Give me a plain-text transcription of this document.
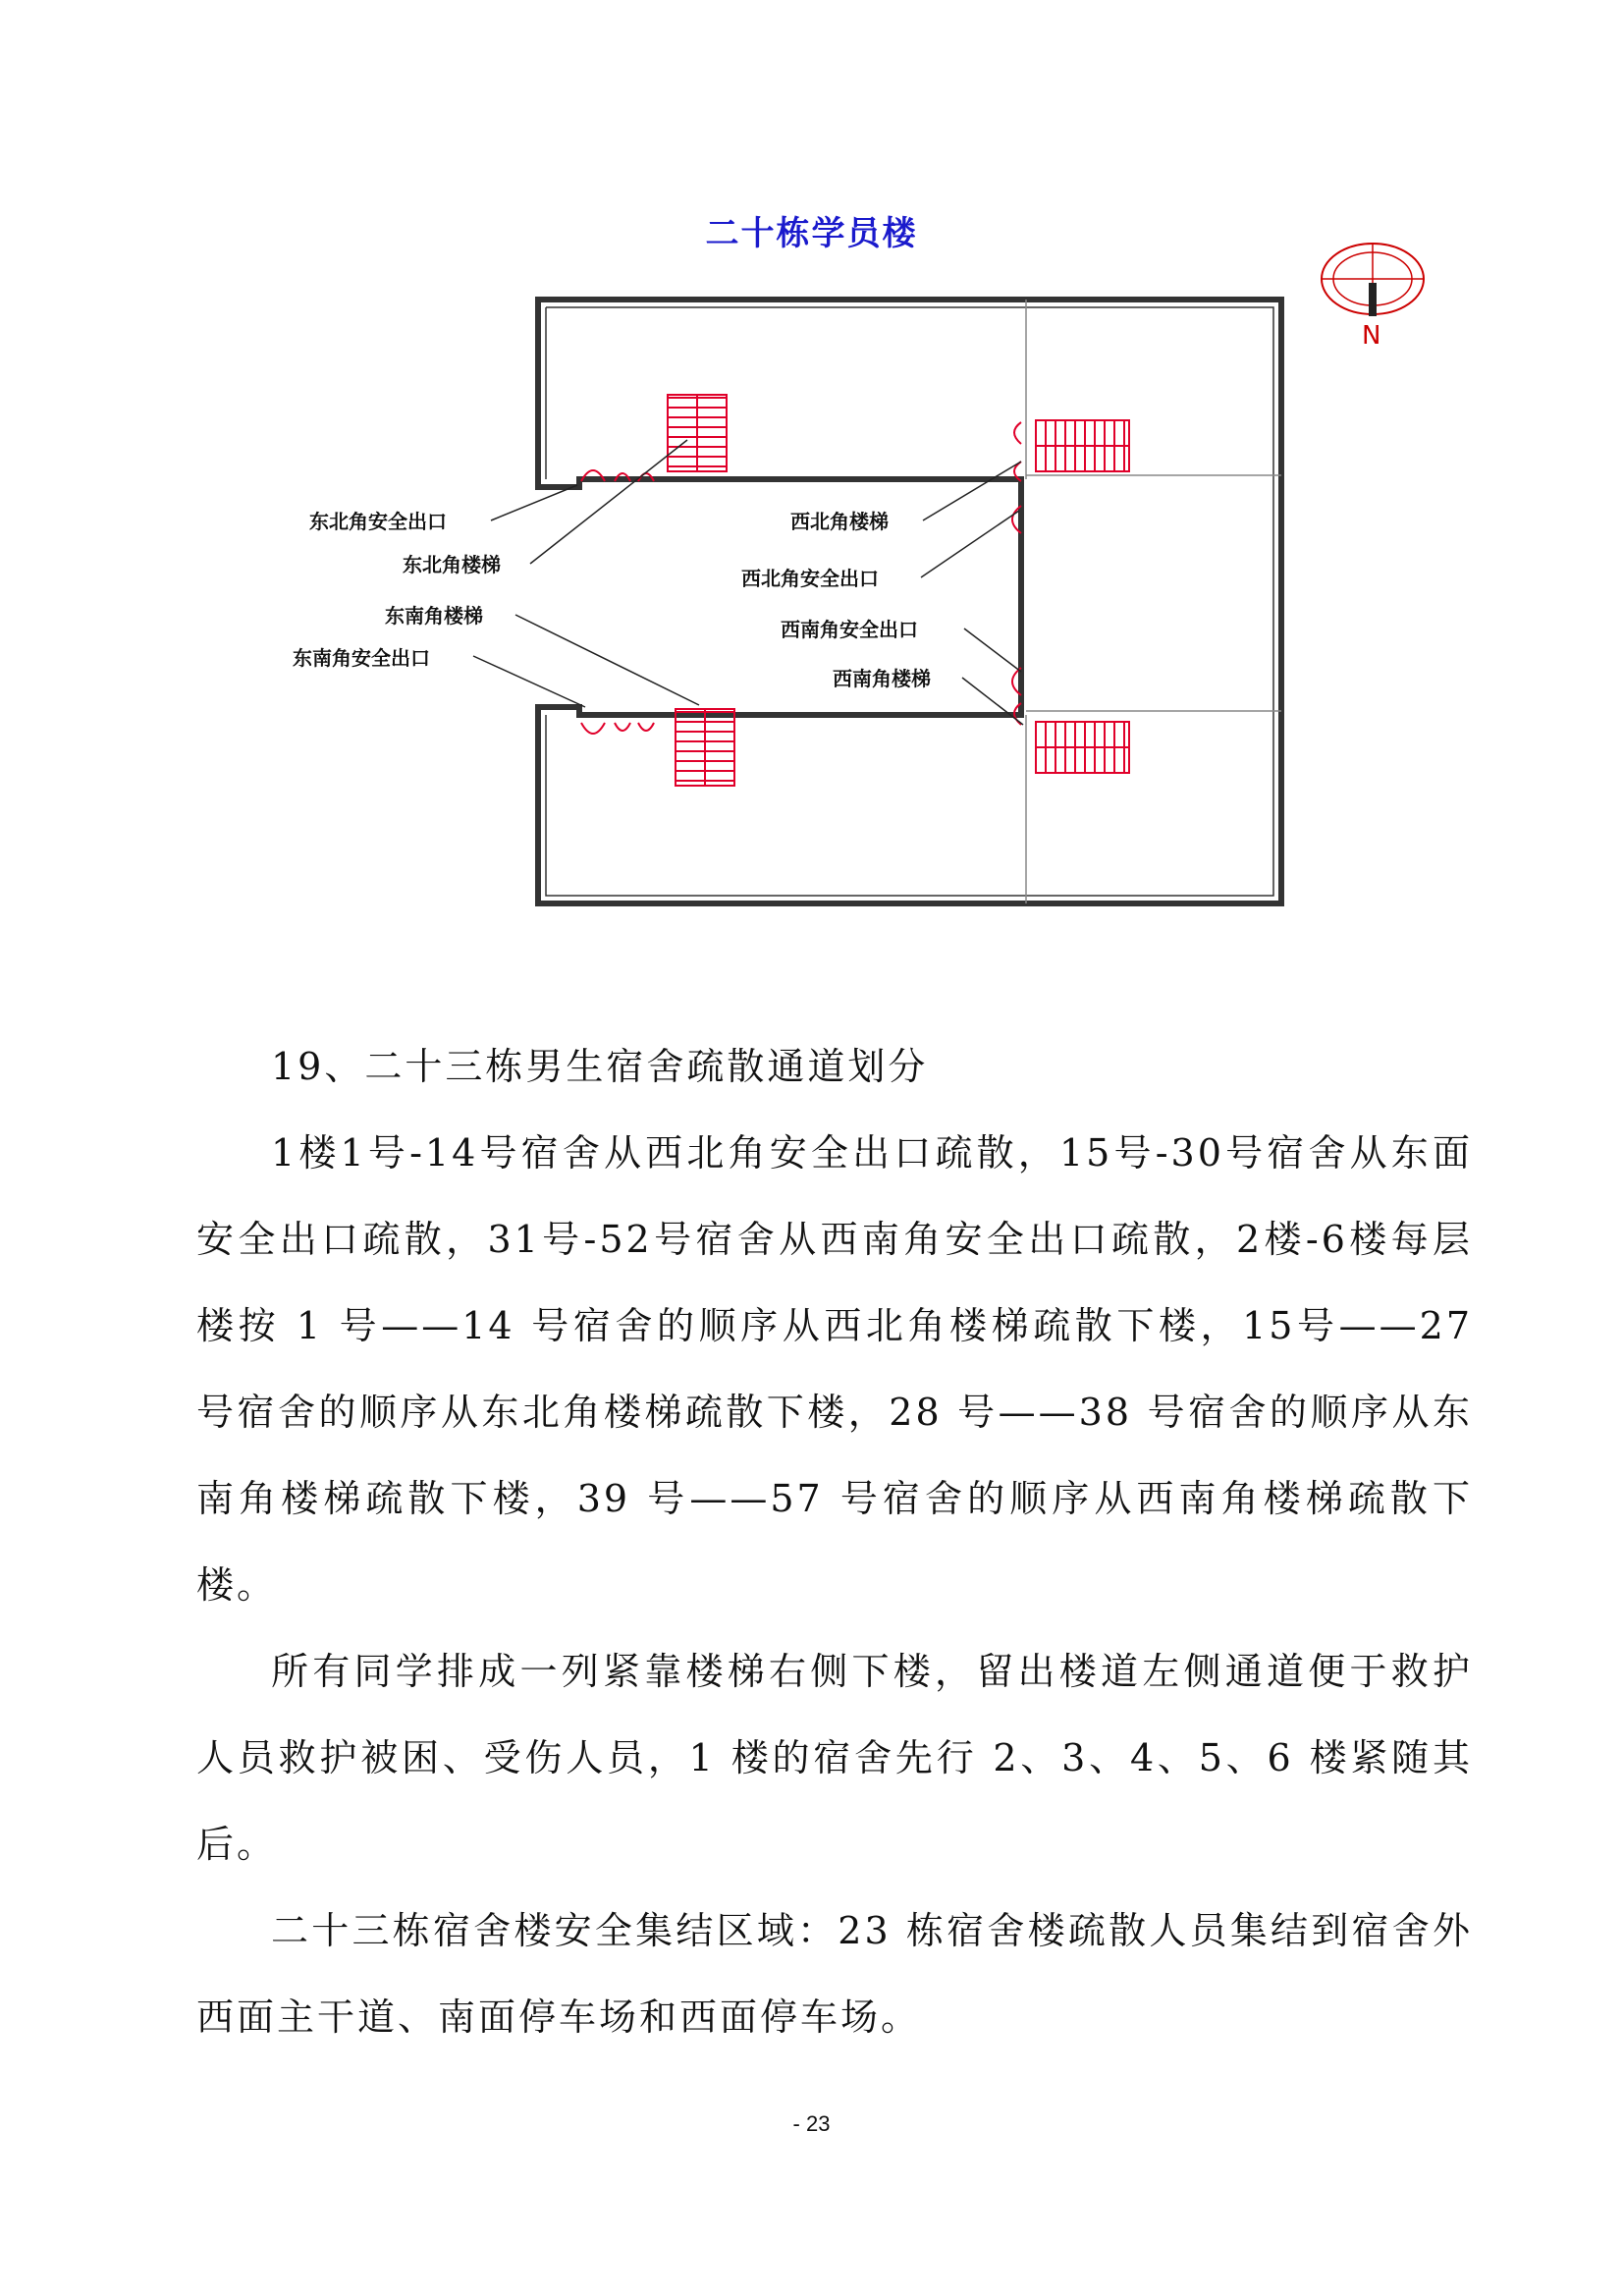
二十栋学员楼
东北角安全出口
东北角楼梯
东南角楼梯
东南角安全出口
西北角楼梯
西北角安全出口
西南角安全出口
西南角楼梯
N

19、二十三栋男生宿舍疏散通道划分

1楼1号-14号宿舍从西北角安全出口疏散，15号-30号宿舍从东面安全出口疏散，31号-52号宿舍从西南角安全出口疏散，2楼-6楼每层楼按 1 号——14 号宿舍的顺序从西北角楼梯疏散下楼，15号——27 号宿舍的顺序从东北角楼梯疏散下楼，28 号——38 号宿舍的顺序从东南角楼梯疏散下楼，39 号——57 号宿舍的顺序从西南角楼梯疏散下楼。

所有同学排成一列紧靠楼梯右侧下楼，留出楼道左侧通道便于救护人员救护被困、受伤人员，1 楼的宿舍先行 2、3、4、5、6 楼紧随其后。

二十三栋宿舍楼安全集结区域：23 栋宿舍楼疏散人员集结到宿舍外西面主干道、南面停车场和西面停车场。

- 23
